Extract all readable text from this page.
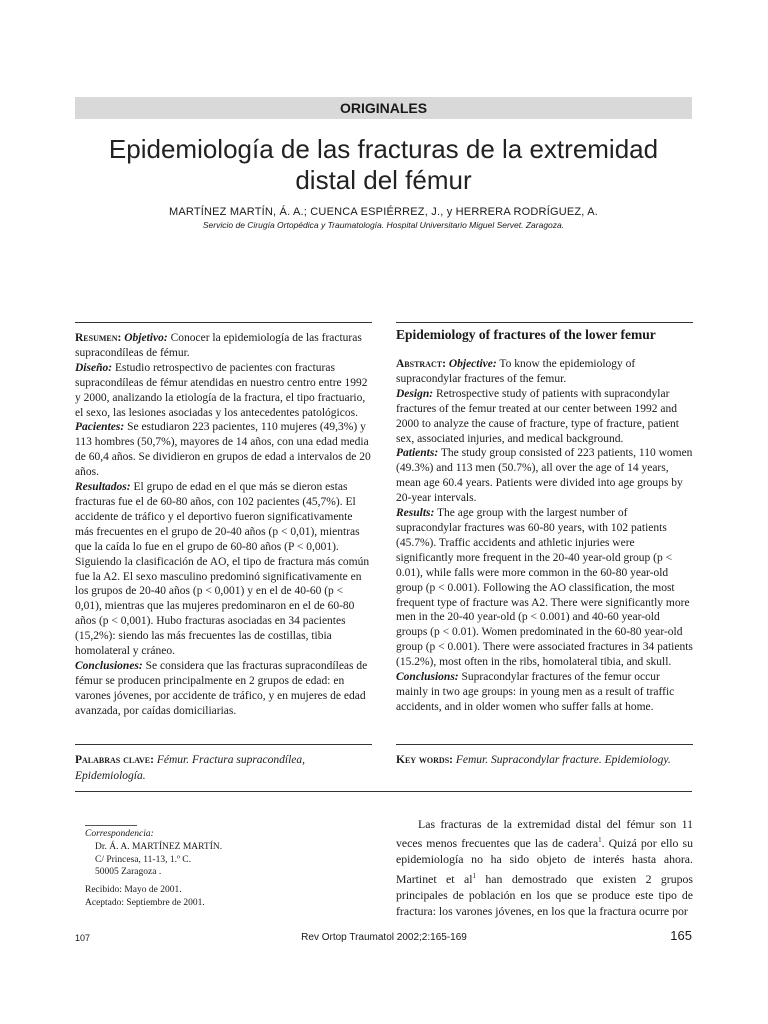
ORIGINALES
Epidemiología de las fracturas de la extremidad
distal del fémur
MARTÍNEZ MARTÍN, Á. A.; CUENCA ESPIÉRREZ, J., y HERRERA RODRÍGUEZ, A.
Servicio de Cirugía Ortopédica y Traumatología. Hospital Universitario Miguel Servet. Zaragoza.

Resumen: Objetivo: Conocer la epidemiología de las fracturas supracondíleas de fémur.

Diseño: Estudio retrospectivo de pacientes con fracturas supracondíleas de fémur atendidas en nuestro centro entre 1992 y 2000, analizando la etiología de la fractura, el tipo fractuario, el sexo, las lesiones asociadas y los antecedentes patológicos.

Pacientes: Se estudiaron 223 pacientes, 110 mujeres (49,3%) y 113 hombres (50,7%), mayores de 14 años, con una edad media de 60,4 años. Se dividieron en grupos de edad a intervalos de 20 años.

Resultados: El grupo de edad en el que más se dieron estas fracturas fue el de 60-80 años, con 102 pacientes (45,7%). El accidente de tráfico y el deportivo fueron significativamente más frecuentes en el grupo de 20-40 años (p < 0,01), mientras que la caída lo fue en el grupo de 60-80 años (P < 0,001). Siguiendo la clasificación de AO, el tipo de fractura más común fue la A2. El sexo masculino predominó significativamente en los grupos de 20-40 años (p < 0,001) y en el de 40-60 (p < 0,01), mientras que las mujeres predominaron en el de 60-80 años (p < 0,001). Hubo fracturas asociadas en 34 pacientes (15,2%): siendo las más frecuentes las de costillas, tibia homolateral y cráneo.

Conclusiones: Se considera que las fracturas supracondíleas de fémur se producen principalmente en 2 grupos de edad: en varones jóvenes, por accidente de tráfico, y en mujeres de edad avanzada, por caídas domiciliarias.

Epidemiology of fractures of the lower femur

Abstract: Objective: To know the epidemiology of supracondylar fractures of the femur.

Design: Retrospective study of patients with supracondylar fractures of the femur treated at our center between 1992 and 2000 to analyze the cause of fracture, type of fracture, patient sex, associated injuries, and medical background.

Patients: The study group consisted of 223 patients, 110 women (49.3%) and 113 men (50.7%), all over the age of 14 years, mean age 60.4 years. Patients were divided into age groups by 20-year intervals.

Results: The age group with the largest number of supracondylar fractures was 60-80 years, with 102 patients (45.7%). Traffic accidents and athletic injuries were significantly more frequent in the 20-40 year-old group (p < 0.01), while falls were more common in the 60-80 year-old group (p < 0.001). Following the AO classification, the most frequent type of fracture was A2. There were significantly more men in the 20-40 year-old (p < 0.001) and 40-60 year-old groups (p < 0.01). Women predominated in the 60-80 year-old group (p < 0.001). There were associated fractures in 34 patients (15.2%), most often in the ribs, homolateral tibia, and skull.

Conclusions: Supracondylar fractures of the femur occur mainly in two age groups: in young men as a result of traffic accidents, and in older women who suffer falls at home.

Palabras clave: Fémur. Fractura supracondílea, Epidemiología.
Key words: Femur. Supracondylar fracture. Epidemiology.
Correspondencia:
Dr. Á. A. MARTÍNEZ MARTÍN.
C/ Princesa, 11-13, 1.º C.
50005 Zaragoza .
Recibido: Mayo de 2001.
Aceptado: Septiembre de 2001.
Las fracturas de la extremidad distal del fémur son 11 veces menos frecuentes que las de cadera$^1$. Quizá por ello su epidemiología no ha sido objeto de interés hasta ahora. Martinet et $al^1$ han demostrado que existen 2 grupos principales de población en los que se produce este tipo de fractura: los varones jóvenes, en los que la fractura ocurre por
107	Rev Ortop Traumatol 2002;2:165-169	165
